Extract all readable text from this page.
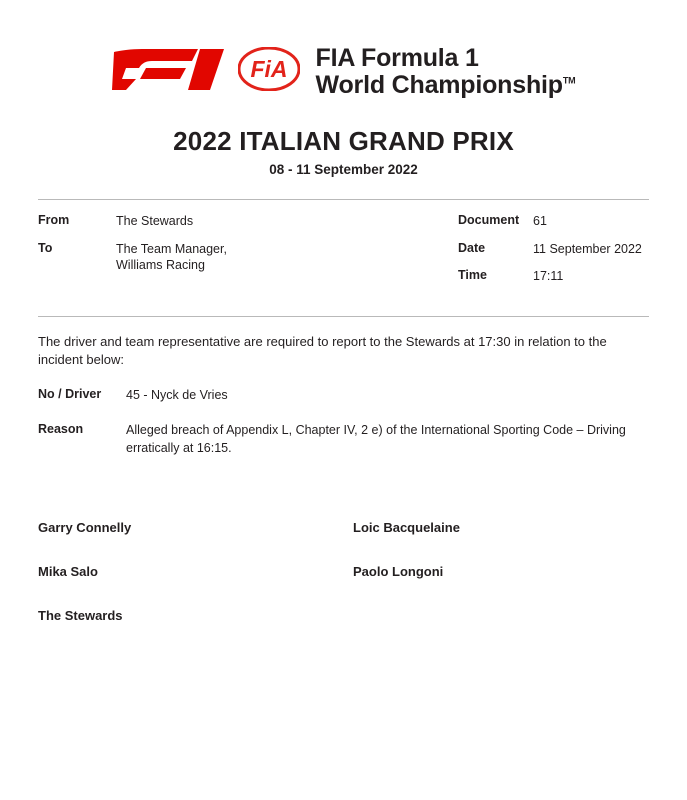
FiA FIA Formula 1
World Championship™
2022 ITALIAN GRAND PRIX
08 - 11 September 2022
From	The Stewards
To	The Team Manager,
Williams Racing
Document	61
Date	11 September 2022
Time	17:11
The driver and team representative are required to report to the Stewards at 17:30 in relation to the incident below:
No / Driver	45 - Nyck de Vries
Reason	Alleged breach of Appendix L, Chapter IV, 2 e) of the International Sporting Code – Driving erratically at 16:15.
Garry Connelly	Loic Bacquelaine
Mika Salo	Paolo Longoni
The Stewards
